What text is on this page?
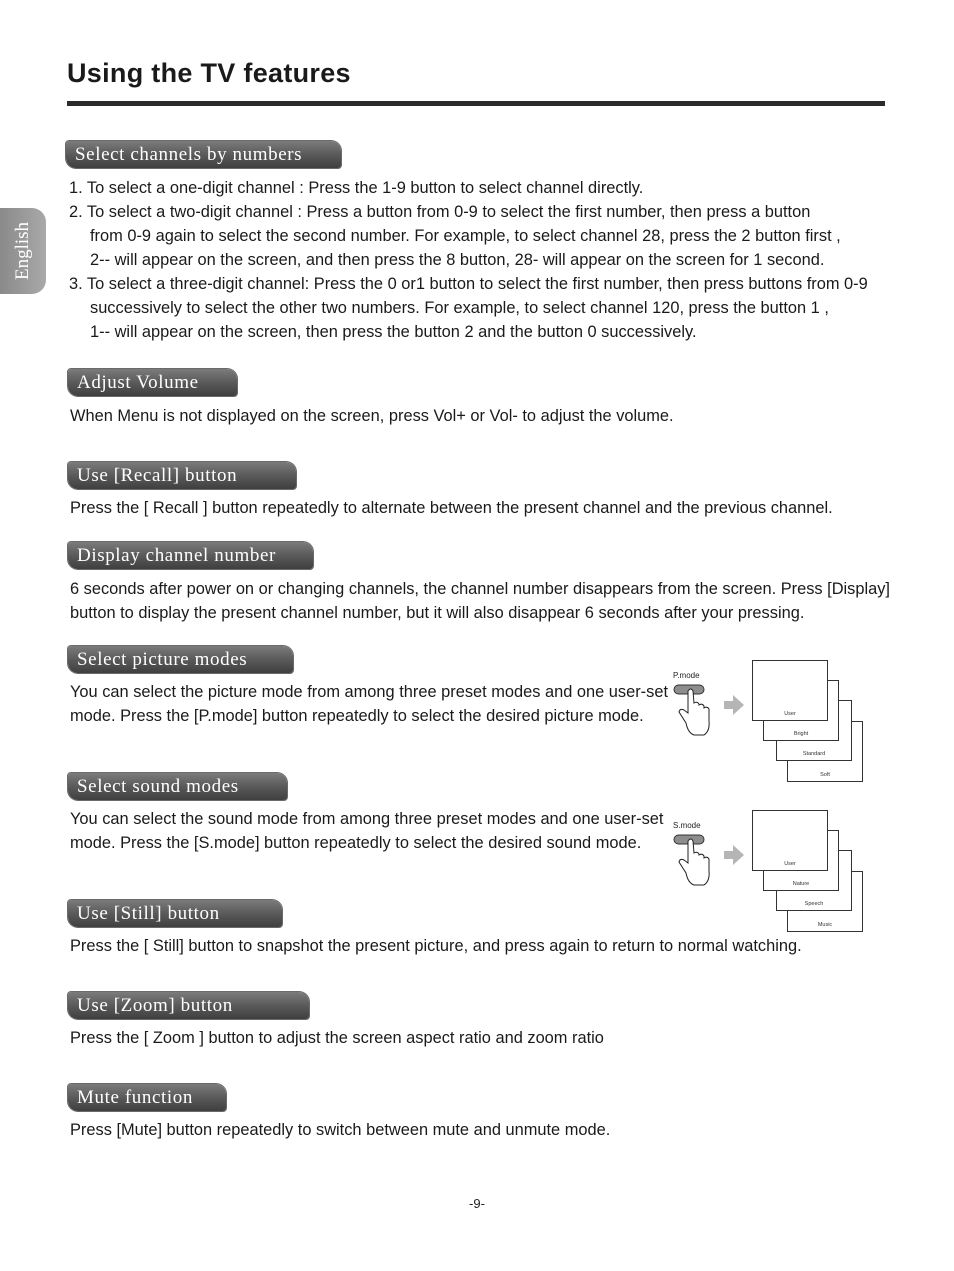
Using the TV features
English
Select channels by numbers

1. To select a one-digit channel : Press the 1-9 button to select channel directly.
2. To select a two-digit channel : Press a button from 0-9 to select the first number, then press a button
from 0-9 again to select the second number. For example, to select channel 28, press the 2 button first ,
2-- will appear on the screen, and then press the 8 button, 28- will appear on the screen for 1 second.
3. To select a three-digit channel: Press the 0 or1 button to select the first number, then press buttons from 0-9
successively to select the other two numbers. For example, to select channel 120, press the button 1 ,
1-- will appear on the screen, then press the button 2 and the button 0 successively.

Adjust Volume

When Menu is not displayed on the screen, press Vol+ or Vol- to adjust the volume.

Use [Recall] button

Press the [ Recall ] button repeatedly to alternate between the present channel and the previous channel.

Display channel number

6 seconds after power on or changing channels, the channel number disappears from the screen. Press [Display]
button to display the present channel number, but it will also disappear 6 seconds after your pressing.

Select picture modes

You can select the picture mode from among three preset modes and one user-set
mode. Press the [P.mode] button repeatedly to select the desired picture mode.

P.mode
Soft
Standard
Bright
User
Select sound modes

You can select the sound mode from among three preset modes and one user-set
mode. Press the [S.mode] button repeatedly to select the desired sound mode.

S.mode
Music
Speech
Nature
User
Use [Still] button

Press the [ Still] button to snapshot the present picture, and press again to return to normal watching.

Use [Zoom] button

Press the [ Zoom ] button to adjust the screen aspect ratio and zoom ratio

Mute function

Press [Mute] button repeatedly to switch between mute and unmute mode.

-9-
